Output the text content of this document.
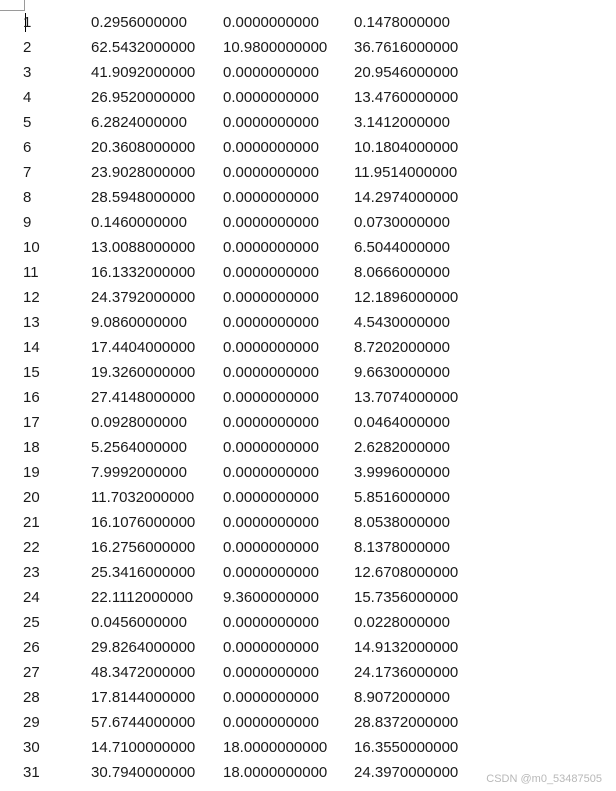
1	0.2956000000	0.0000000000	0.1478000000
2	62.5432000000	10.9800000000	36.7616000000
3	41.9092000000	0.0000000000	20.9546000000
4	26.9520000000	0.0000000000	13.4760000000
5	6.2824000000	0.0000000000	3.1412000000
6	20.3608000000	0.0000000000	10.1804000000
7	23.9028000000	0.0000000000	11.9514000000
8	28.5948000000	0.0000000000	14.2974000000
9	0.1460000000	0.0000000000	0.0730000000
10	13.0088000000	0.0000000000	6.5044000000
11	16.1332000000	0.0000000000	8.0666000000
12	24.3792000000	0.0000000000	12.1896000000
13	9.0860000000	0.0000000000	4.5430000000
14	17.4404000000	0.0000000000	8.7202000000
15	19.3260000000	0.0000000000	9.6630000000
16	27.4148000000	0.0000000000	13.7074000000
17	0.0928000000	0.0000000000	0.0464000000
18	5.2564000000	0.0000000000	2.6282000000
19	7.9992000000	0.0000000000	3.9996000000
20	11.7032000000	0.0000000000	5.8516000000
21	16.1076000000	0.0000000000	8.0538000000
22	16.2756000000	0.0000000000	8.1378000000
23	25.3416000000	0.0000000000	12.6708000000
24	22.1112000000	9.3600000000	15.7356000000
25	0.0456000000	0.0000000000	0.0228000000
26	29.8264000000	0.0000000000	14.9132000000
27	48.3472000000	0.0000000000	24.1736000000
28	17.8144000000	0.0000000000	8.9072000000
29	57.6744000000	0.0000000000	28.8372000000
30	14.7100000000	18.0000000000	16.3550000000
31	30.7940000000	18.0000000000	24.3970000000	CSDN @m0_53487505
